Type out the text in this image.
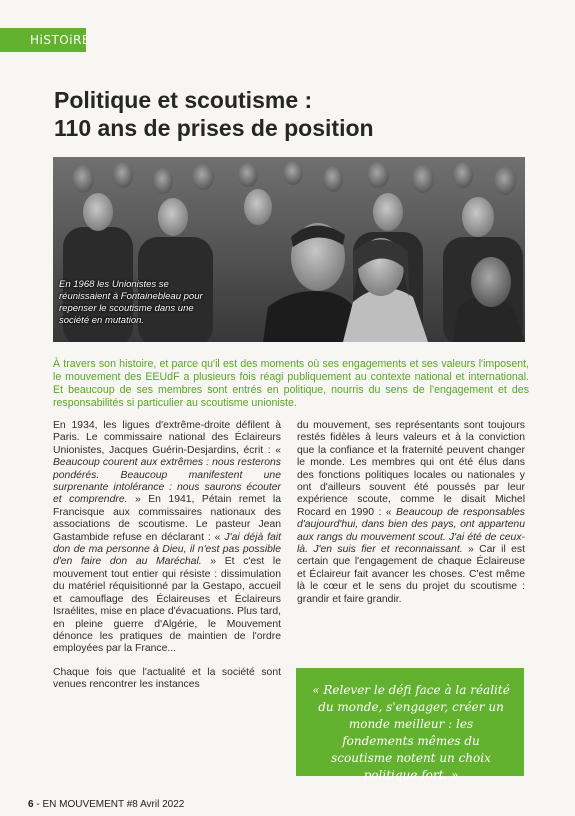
HiSTOiRE
Politique et scoutisme :
110 ans de prises de position
En 1968 les Unionistes se réunissaient à Fontainebleau pour repenser le scoutisme dans une société en mutation.

À travers son histoire, et parce qu'il est des moments où ses engagements et ses valeurs l'imposent, le mouvement des EEUdF a plusieurs fois réagi publiquement au contexte national et international. Et beaucoup de ses membres sont entrés en politique, nourris du sens de l'engagement et des responsabilités si particulier au scoutisme unioniste.

En 1934, les ligues d'extrême-droite défilent à Paris. Le commissaire national des Éclaireurs Unionistes, Jacques Guérin-Desjardins, écrit : « Beaucoup courent aux extrêmes : nous resterons pondérés. Beaucoup manifestent une surprenante intolérance : nous saurons écouter et comprendre. » En 1941, Pétain remet la Francisque aux commissaires nationaux des associations de scoutisme. Le pasteur Jean Gastambide refuse en déclarant : « J'ai déjà fait don de ma personne à Dieu, il n'est pas possible d'en faire don au Maréchal. » Et c'est le mouvement tout entier qui résiste : dissimulation du matériel réquisitionné par la Gestapo, accueil et camouflage des Éclaireuses et Éclaireurs Israélites, mise en place d'évacuations. Plus tard, en pleine guerre d'Algérie, le Mouvement dénonce les pratiques de maintien de l'ordre employées par la France...

Chaque fois que l'actualité et la société sont venues rencontrer les instances

du mouvement, ses représentants sont toujours restés fidèles à leurs valeurs et à la conviction que la confiance et la fraternité peuvent changer le monde. Les membres qui ont été élus dans des fonctions politiques locales ou nationales y ont d'ailleurs souvent été poussés par leur expérience scoute, comme le disait Michel Rocard en 1990 : « Beaucoup de responsables d'aujourd'hui, dans bien des pays, ont appartenu aux rangs du mouvement scout. J'ai été de ceux-là. J'en suis fier et reconnaissant. » Car il est certain que l'engagement de chaque Éclaireuse et Éclaireur fait avancer les choses. C'est même là le cœur et le sens du projet du scoutisme : grandir et faire grandir.

« Relever le défi face à la réalité du monde, s'engager, créer un monde meilleur : les fondements mêmes du scoutisme notent un choix politique fort. »
6 - EN MOUVEMENT #8 Avril 2022
